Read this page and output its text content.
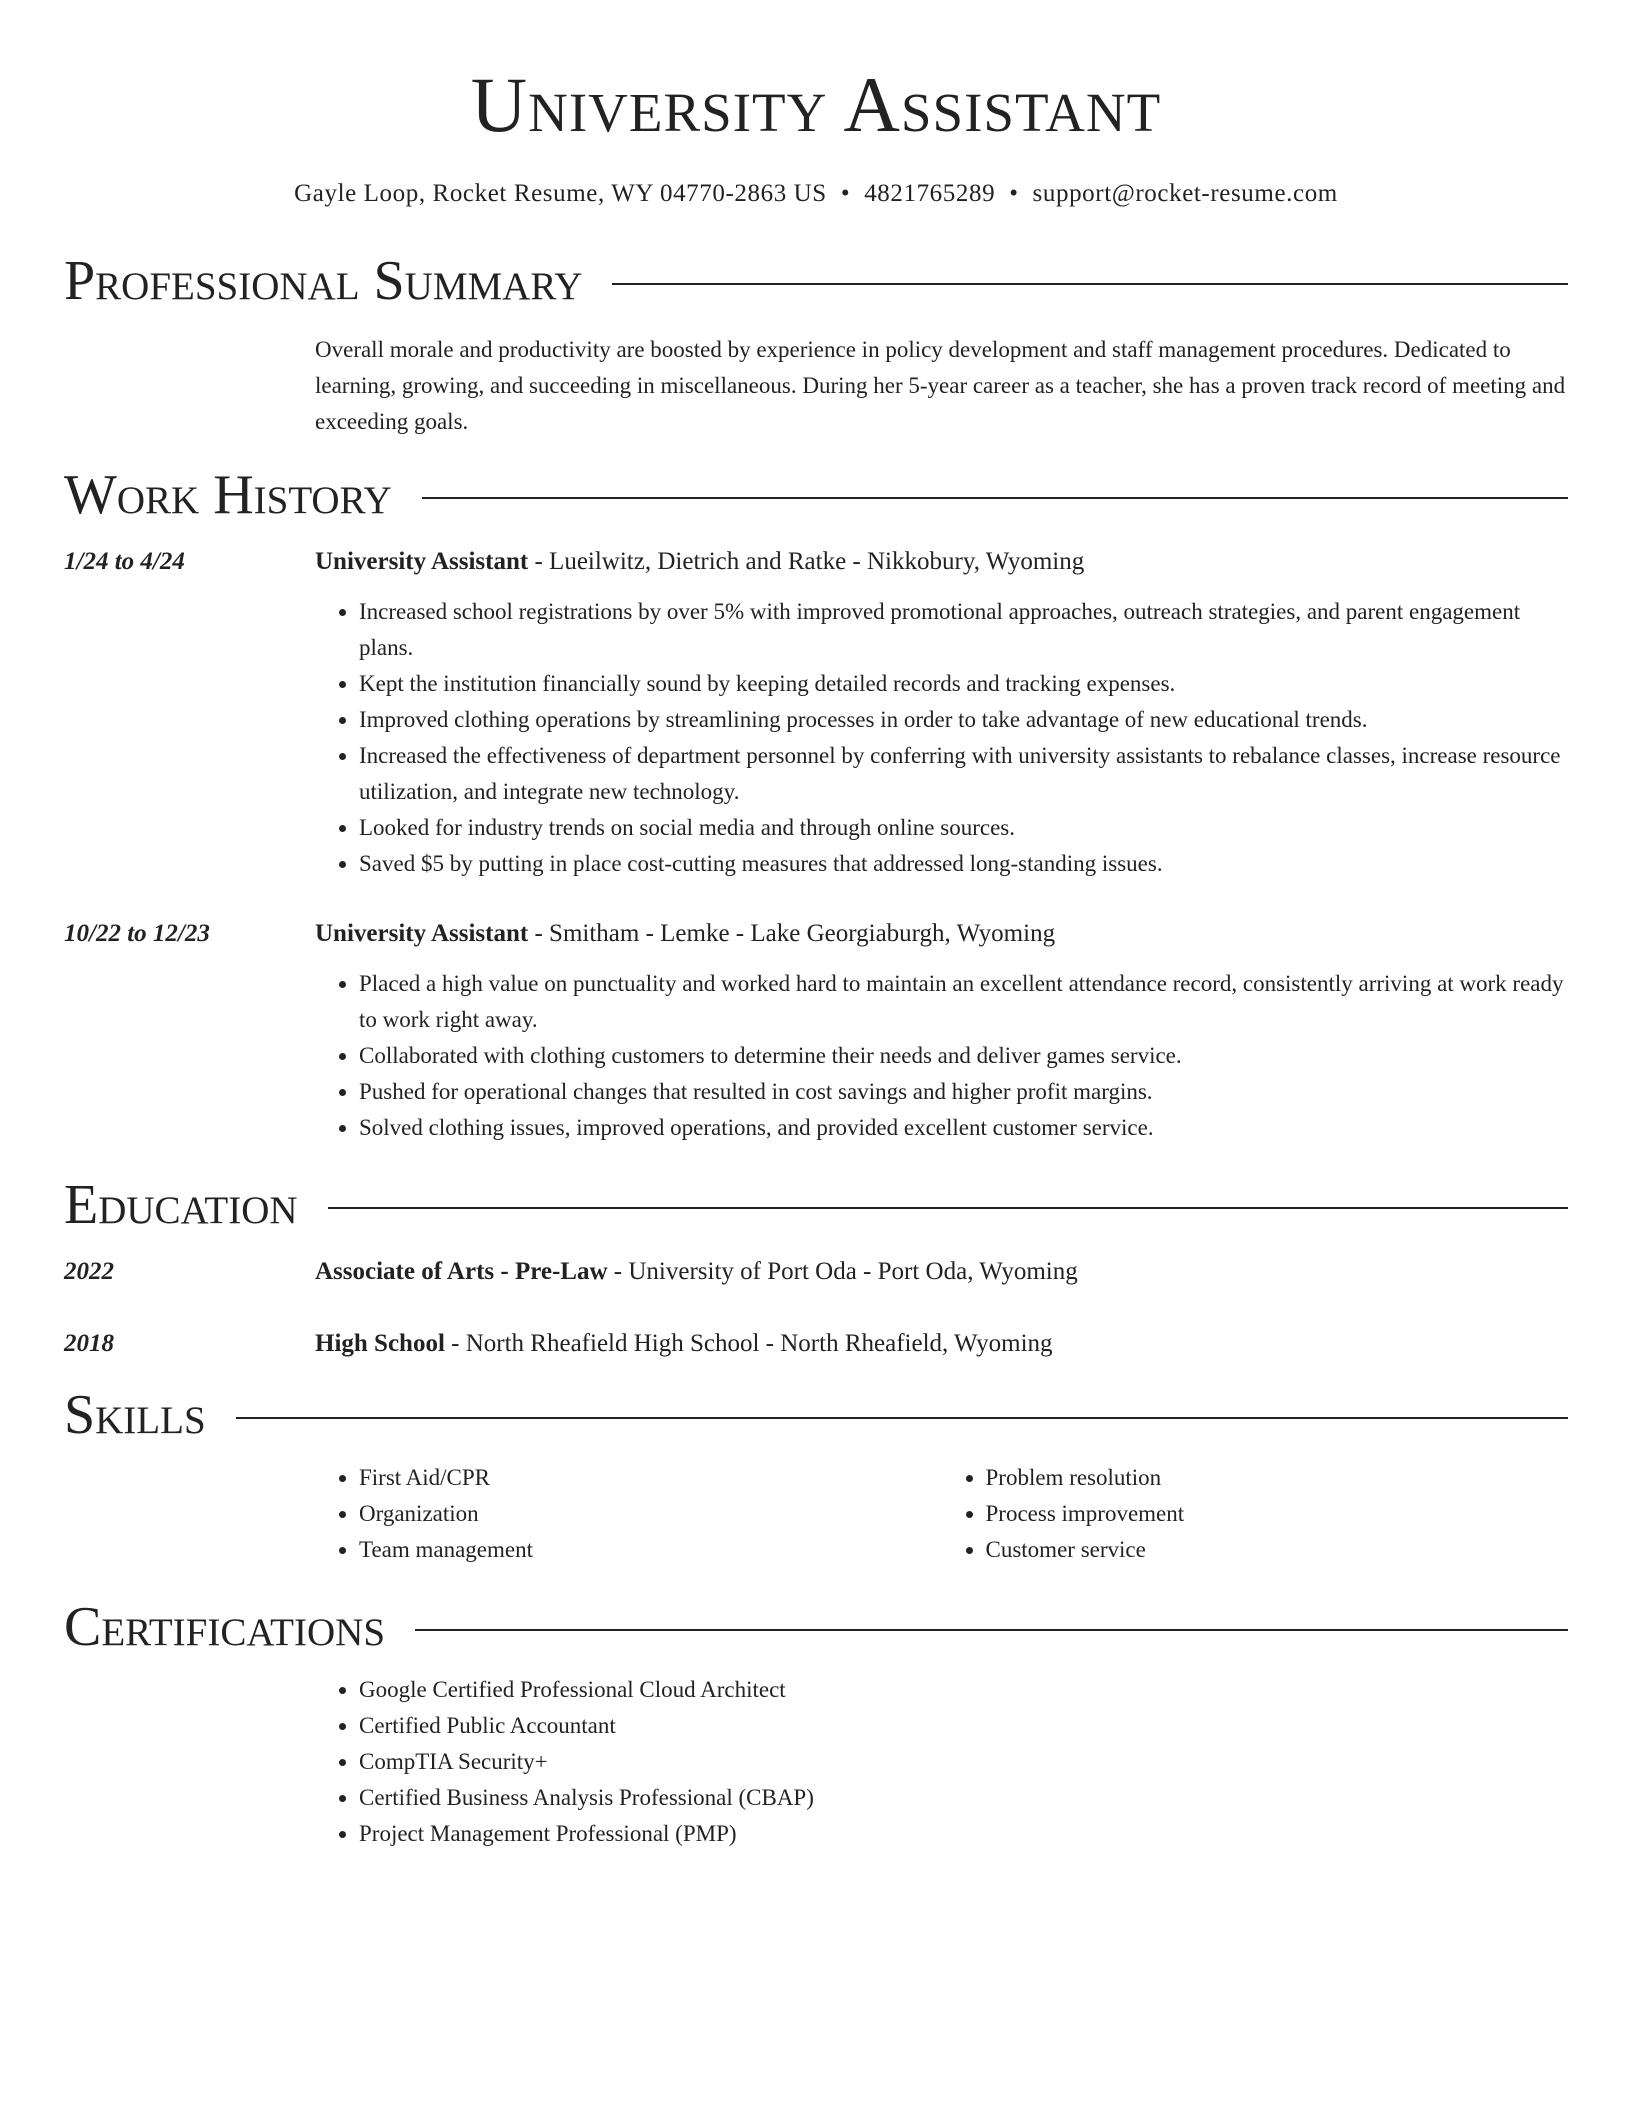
University Assistant
Gayle Loop, Rocket Resume, WY 04770-2863 US • 4821765289 • support@rocket-resume.com
Professional Summary
Overall morale and productivity are boosted by experience in policy development and staff management procedures. Dedicated to learning, growing, and succeeding in miscellaneous. During her 5-year career as a teacher, she has a proven track record of meeting and exceeding goals.
Work History
1/24 to 4/24	University Assistant - Lueilwitz, Dietrich and Ratke - Nikkobury, Wyoming
• Increased school registrations by over 5% with improved promotional approaches, outreach strategies, and parent engagement plans.
• Kept the institution financially sound by keeping detailed records and tracking expenses.
• Improved clothing operations by streamlining processes in order to take advantage of new educational trends.
• Increased the effectiveness of department personnel by conferring with university assistants to rebalance classes, increase resource utilization, and integrate new technology.
• Looked for industry trends on social media and through online sources.
• Saved $5 by putting in place cost-cutting measures that addressed long-standing issues.
10/22 to 12/23	University Assistant - Smitham - Lemke - Lake Georgiaburgh, Wyoming
• Placed a high value on punctuality and worked hard to maintain an excellent attendance record, consistently arriving at work ready to work right away.
• Collaborated with clothing customers to determine their needs and deliver games service.
• Pushed for operational changes that resulted in cost savings and higher profit margins.
• Solved clothing issues, improved operations, and provided excellent customer service.
Education
2022	Associate of Arts - Pre-Law - University of Port Oda - Port Oda, Wyoming
2018	High School - North Rheafield High School - North Rheafield, Wyoming
Skills
• First Aid/CPR
• Organization
• Team management
• Problem resolution
• Process improvement
• Customer service
Certifications
• Google Certified Professional Cloud Architect
• Certified Public Accountant
• CompTIA Security+
• Certified Business Analysis Professional (CBAP)
• Project Management Professional (PMP)
